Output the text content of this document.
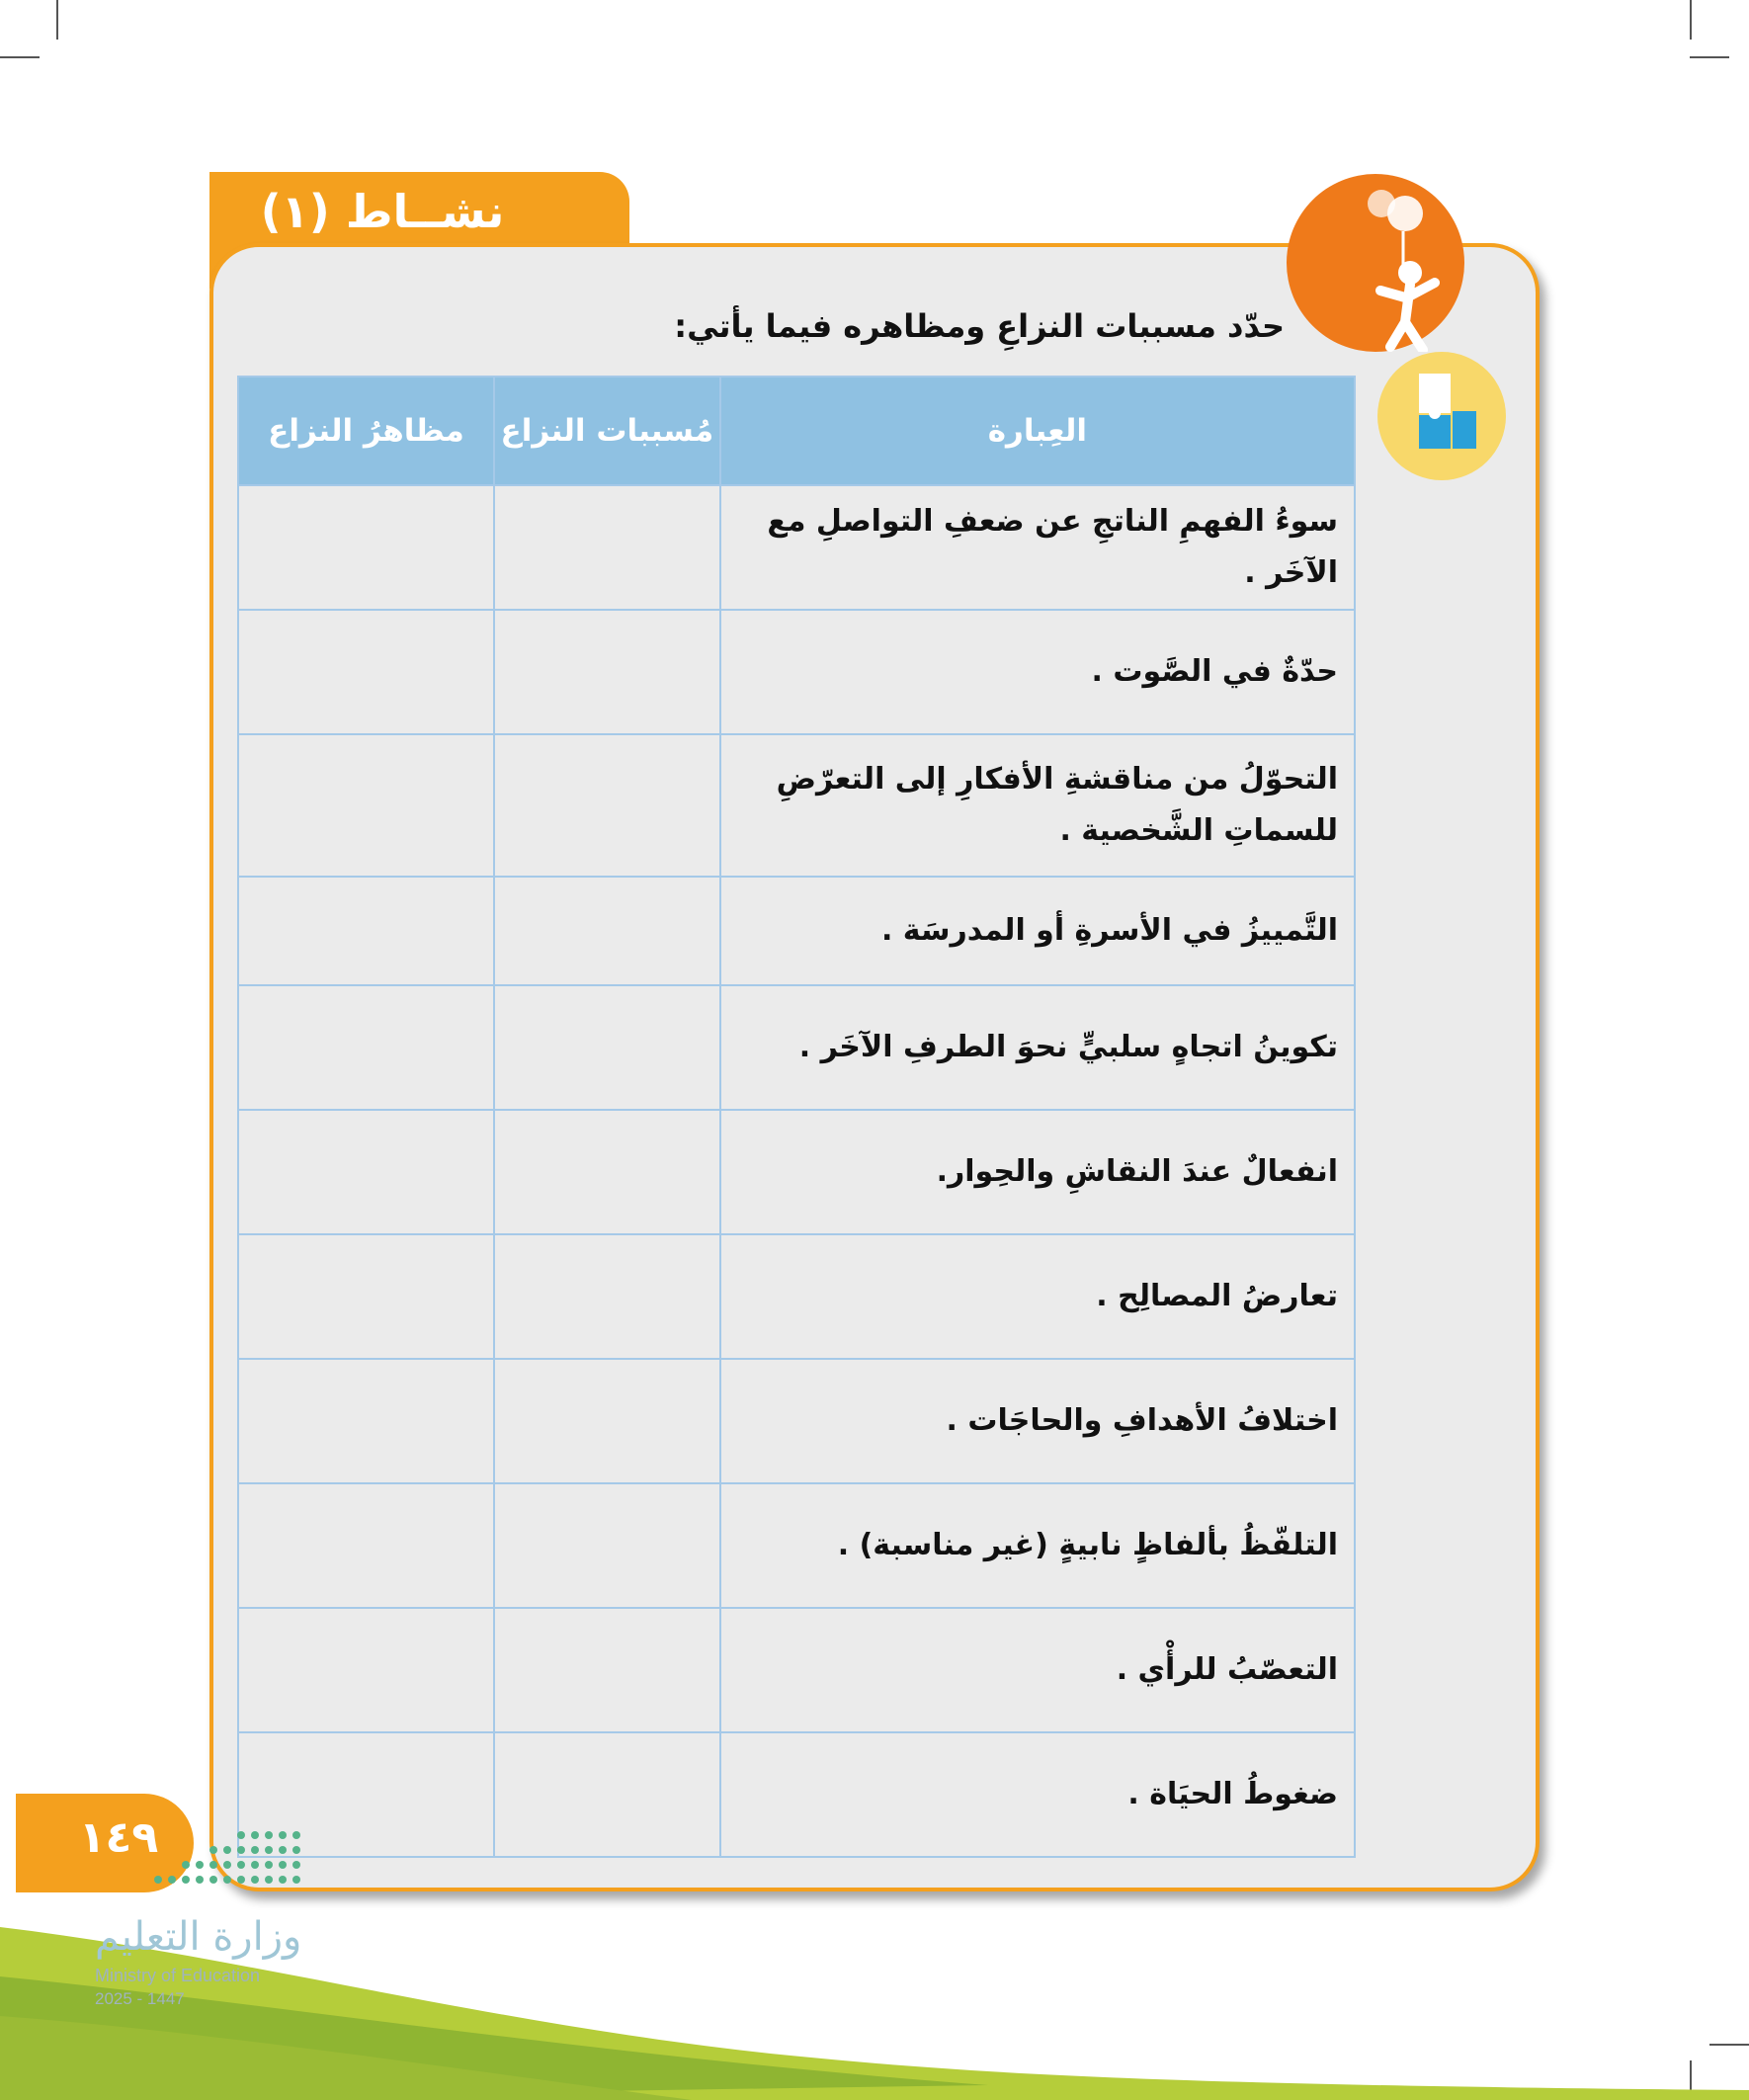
نشــاط (١)
حدّد مسببات النزاعِ ومظاهره فيما يأتي:
العِبارة	مُسببات النزاع	مظاهرُ النزاع
سوءُ الفهمِ الناتجِ عن ضعفِ التواصلِ مع الآخَر .		
حدّةٌ في الصَّوت .		
التحوّلُ من مناقشةِ الأفكارِ إلى التعرّضِ للسماتِ الشَّخصية .		
التَّمييزُ في الأسرةِ أو المدرسَة .		
تكوينُ اتجاهٍ سلبيٍّ نحوَ الطرفِ الآخَر .		
انفعالٌ عندَ النقاشِ والحِوار.		
تعارضُ المصالِح .		
اختلافُ الأهدافِ والحاجَات .		
التلفّظُ بألفاظٍ نابيةٍ (غير مناسبة) .		
التعصّبُ للرأْي .		
ضغوطُ الحيَاة .		
١٤٩
وزارة التعليم
Ministry of Education
2025 - 1447
